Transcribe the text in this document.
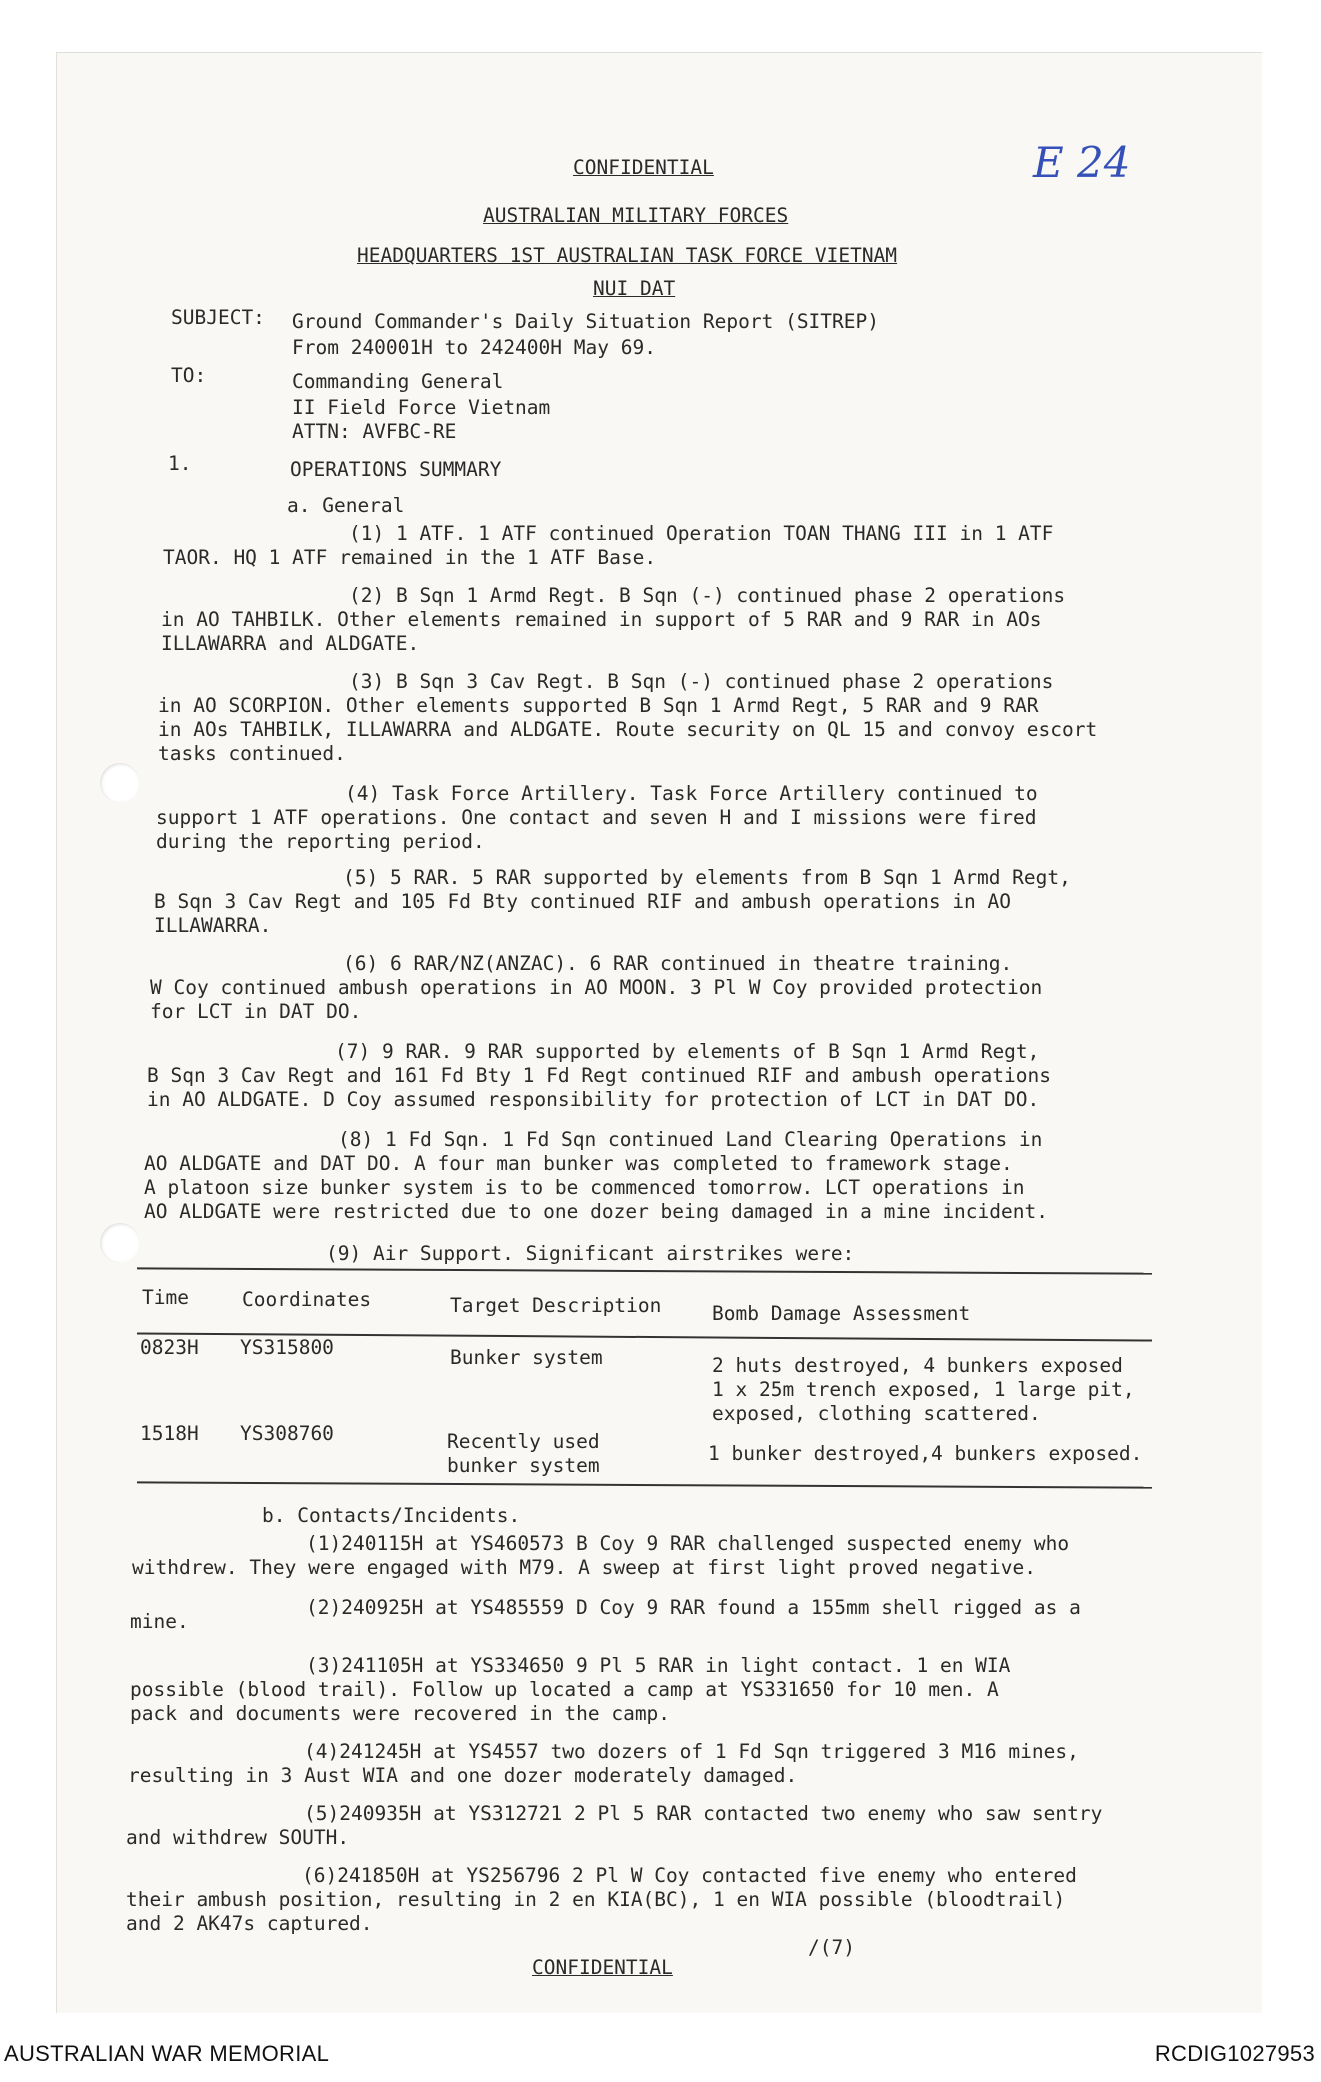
E 24
CONFIDENTIAL
AUSTRALIAN MILITARY FORCES
HEADQUARTERS 1ST AUSTRALIAN TASK FORCE VIETNAM
NUI DAT
SUBJECT: Ground Commander's Daily Situation Report (SITREP)
From 240001H to 242400H May 69.
TO:	Commanding General
II Field Force Vietnam
ATTN: AVFBC-RE
1.	OPERATIONS SUMMARY
a. General
(1) 1 ATF. 1 ATF continued Operation TOAN THANG III in 1 ATF
TAOR. HQ 1 ATF remained in the 1 ATF Base.
(2) B Sqn 1 Armd Regt. B Sqn (-) continued phase 2 operations
in AO TAHBILK. Other elements remained in support of 5 RAR and 9 RAR in AOs
ILLAWARRA and ALDGATE.
(3) B Sqn 3 Cav Regt. B Sqn (-) continued phase 2 operations
in AO SCORPION. Other elements supported B Sqn 1 Armd Regt, 5 RAR and 9 RAR
in AOs TAHBILK, ILLAWARRA and ALDGATE. Route security on QL 15 and convoy escort
tasks continued.
(4) Task Force Artillery. Task Force Artillery continued to
support 1 ATF operations. One contact and seven H and I missions were fired
during the reporting period.
(5) 5 RAR. 5 RAR supported by elements from B Sqn 1 Armd Regt,
B Sqn 3 Cav Regt and 105 Fd Bty continued RIF and ambush operations in AO
ILLAWARRA.
(6) 6 RAR/NZ(ANZAC). 6 RAR continued in theatre training.
W Coy continued ambush operations in AO MOON. 3 Pl W Coy provided protection
for LCT in DAT DO.
(7) 9 RAR. 9 RAR supported by elements of B Sqn 1 Armd Regt,
B Sqn 3 Cav Regt and 161 Fd Bty 1 Fd Regt continued RIF and ambush operations
in AO ALDGATE. D Coy assumed responsibility for protection of LCT in DAT DO.
(8) 1 Fd Sqn. 1 Fd Sqn continued Land Clearing Operations in
AO ALDGATE and DAT DO. A four man bunker was completed to framework stage.
A platoon size bunker system is to be commenced tomorrow. LCT operations in
AO ALDGATE were restricted due to one dozer being damaged in a mine incident.
(9) Air Support. Significant airstrikes were:
Time	Coordinates	Target Description	Bomb Damage Assessment
0823H YS315800	Bunker system	2 huts destroyed, 4 bunkers exposed
1 x 25m trench exposed, 1 large pit,
exposed, clothing scattered.
1518H YS308760	Recently used
bunker system
1 bunker destroyed,4 bunkers exposed.
b. Contacts/Incidents.
(1)240115H at YS460573 B Coy 9 RAR challenged suspected enemy who
withdrew. They were engaged with M79. A sweep at first light proved negative.
(2)240925H at YS485559 D Coy 9 RAR found a 155mm shell rigged as a
mine.
(3)241105H at YS334650 9 Pl 5 RAR in light contact. 1 en WIA
possible (blood trail). Follow up located a camp at YS331650 for 10 men. A
pack and documents were recovered in the camp.
(4)241245H at YS4557 two dozers of 1 Fd Sqn triggered 3 M16 mines,
resulting in 3 Aust WIA and one dozer moderately damaged.
(5)240935H at YS312721 2 Pl 5 RAR contacted two enemy who saw sentry
and withdrew SOUTH.
(6)241850H at YS256796 2 Pl W Coy contacted five enemy who entered
their ambush position, resulting in 2 en KIA(BC), 1 en WIA possible (bloodtrail)
and 2 AK47s captured.
/(7)
CONFIDENTIAL
AUSTRALIAN WAR MEMORIAL	RCDIG1027953
